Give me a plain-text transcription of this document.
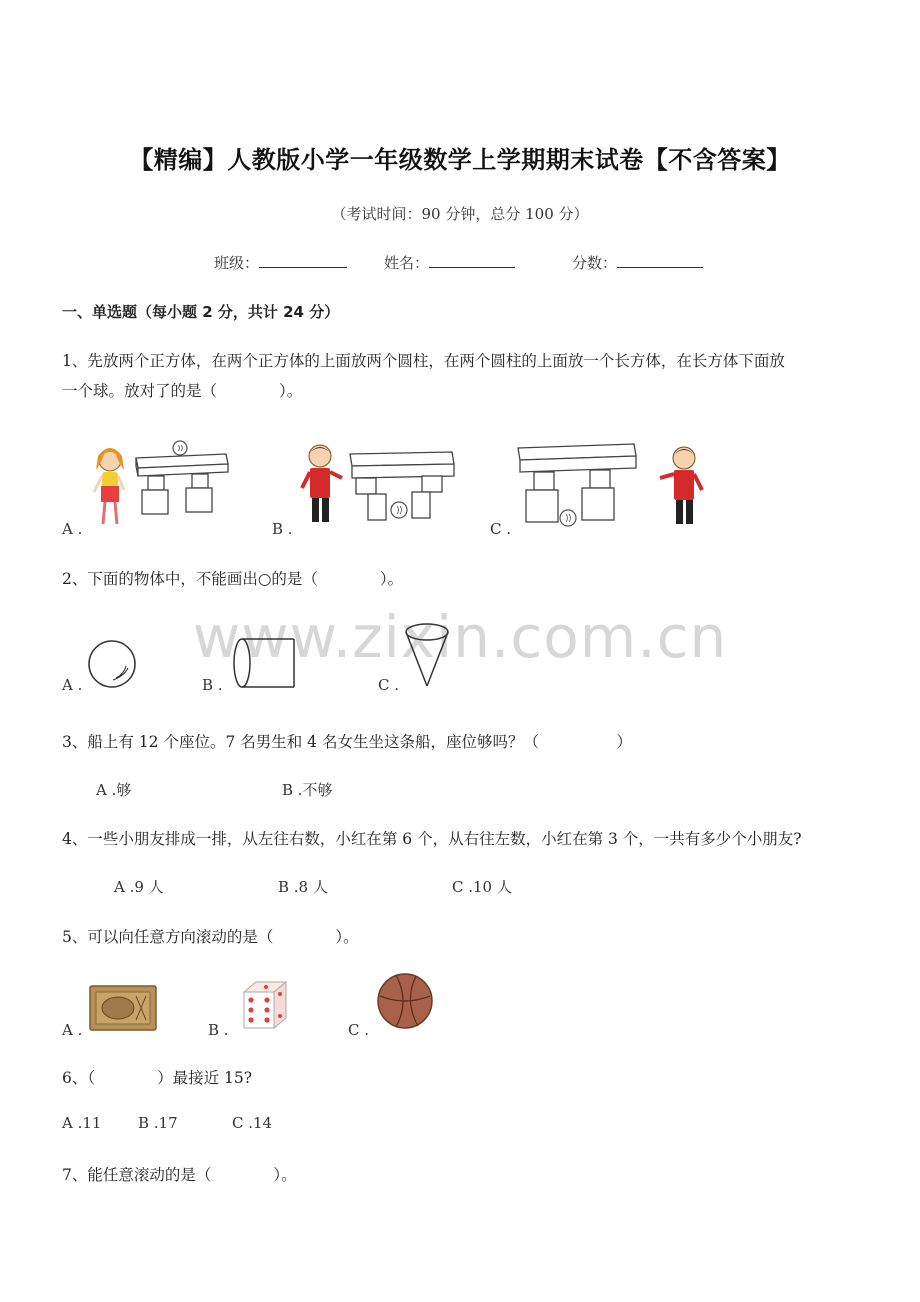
【精编】人教版小学一年级数学上学期期末试卷【不含答案】
（考试时间：90 分钟，总分 100 分）
班级：	姓名：	分数：
一、单选题（每小题 2 分，共计 24 分）
1、先放两个正方体，在两个正方体的上面放两个圆柱，在两个圆柱的上面放一个长方体，在长方体下面放
一个球。放对了的是（　　　　）。
A .	B .	C .
2、下面的物体中，不能画出○的是（　　　　）。
www.zixin.com.cn
A .	B .	C .
3、船上有 12 个座位。7 名男生和 4 名女生坐这条船，座位够吗？（　　　　　）
A .够	B .不够
4、一些小朋友排成一排，从左往右数，小红在第 6 个，从右往左数，小红在第 3 个，一共有多少个小朋友?
A .9 人	B .8 人	C .10 人
5、可以向任意方向滚动的是（　　　　）。
A .	B .	C .
6、（　　　　）最接近 15?
A .11 B .17	C .14
7、能任意滚动的是（　　　　）。
